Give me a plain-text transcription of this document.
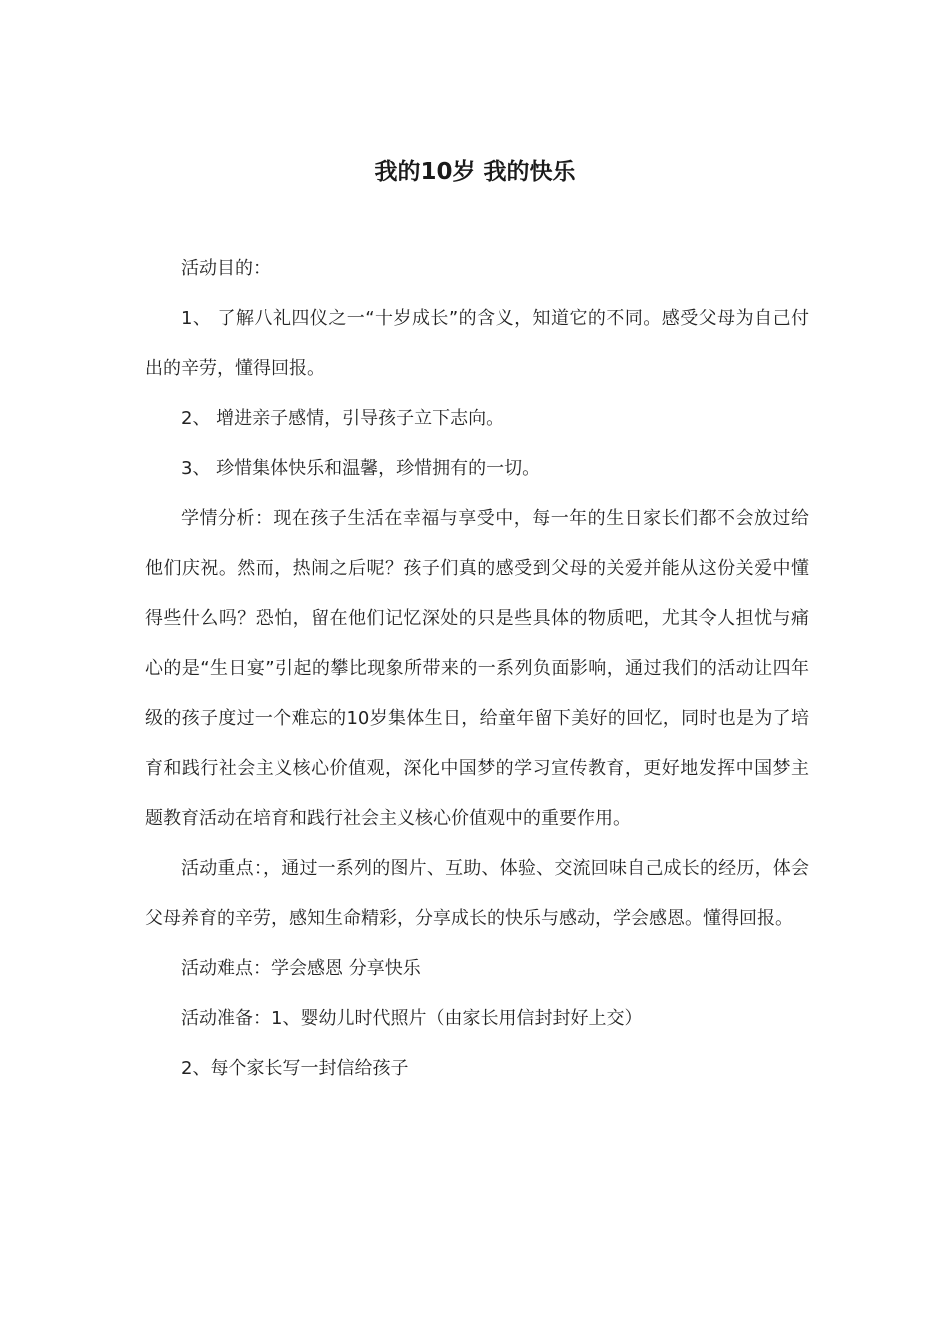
我的10岁 我的快乐

活动目的：

1、 了解八礼四仪之一“十岁成长”的含义，知道它的不同。感受父母为自己付出的辛劳，懂得回报。

2、 增进亲子感情，引导孩子立下志向。

3、 珍惜集体快乐和温馨，珍惜拥有的一切。

学情分析：现在孩子生活在幸福与享受中，每一年的生日家长们都不会放过给他们庆祝。然而，热闹之后呢？孩子们真的感受到父母的关爱并能从这份关爱中懂得些什么吗？恐怕，留在他们记忆深处的只是些具体的物质吧，尤其令人担忧与痛心的是“生日宴”引起的攀比现象所带来的一系列负面影响，通过我们的活动让四年级的孩子度过一个难忘的10岁集体生日，给童年留下美好的回忆，同时也是为了培育和践行社会主义核心价值观，深化中国梦的学习宣传教育，更好地发挥中国梦主题教育活动在培育和践行社会主义核心价值观中的重要作用。

活动重点：，通过一系列的图片、互助、体验、交流回味自己成长的经历，体会父母养育的辛劳，感知生命精彩，分享成长的快乐与感动，学会感恩。懂得回报。

活动难点：学会感恩 分享快乐

活动准备：1、婴幼儿时代照片（由家长用信封封好上交）

2、每个家长写一封信给孩子
